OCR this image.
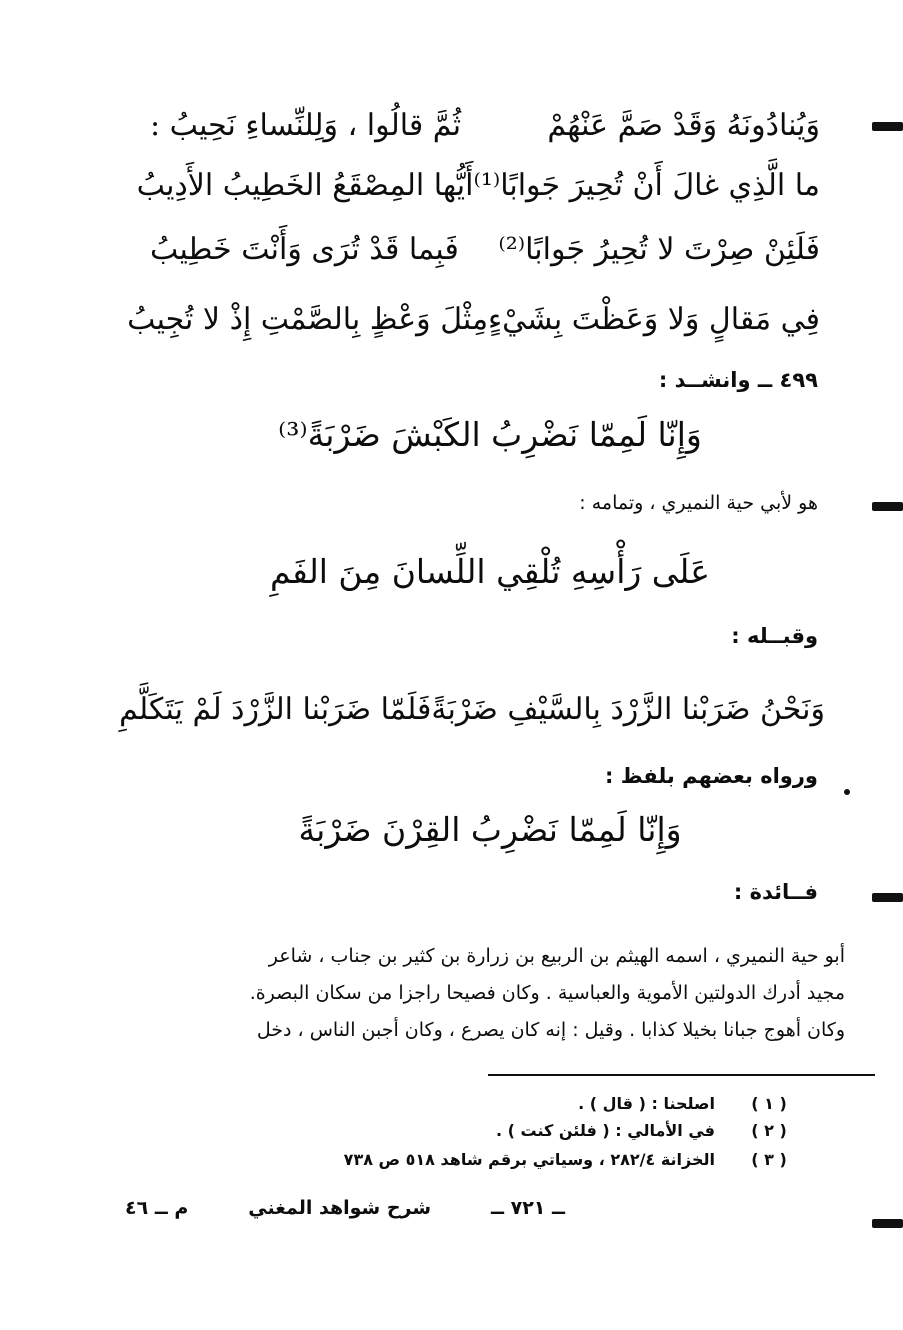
وَيُنادُونَهُ وَقَدْ صَمَّ عَنْهُمْ
ثُمَّ قالُوا ، وَلِلنِّساءِ نَحِيبُ :
ما الَّذِي غالَ أَنْ تُحِيرَ جَوابًا⁽¹⁾
أَيُّها المِصْقَعُ الخَطِيبُ الأَدِيبُ
فَلَئِنْ صِرْتَ لا تُحِيرُ جَوابًا⁽²⁾
فَبِما قَدْ تُرَى وَأَنْتَ خَطِيبُ
فِي مَقالٍ وَلا وَعَظْتَ بِشَيْءٍ
مِثْلَ وَعْظٍ بِالصَّمْتِ إِذْ لا تُجِيبُ
٤٩٩ ــ وانشــد :
وَإِنّا لَمِمّا نَضْرِبُ الكَبْشَ ضَرْبَةً⁽³⁾
هو لأبي حية النميري ، وتمامه :
عَلَى رَأْسِهِ تُلْقِي اللِّسانَ مِنَ الفَمِ
وقبــله :
وَنَحْنُ ضَرَبْنا الزَّرْدَ بِالسَّيْفِ ضَرْبَةً
فَلَمّا ضَرَبْنا الزَّرْدَ لَمْ يَتَكَلَّمِ
ورواه بعضهم بلفظ :
وَإِنّا لَمِمّا نَضْرِبُ القِرْنَ ضَرْبَةً
فــائدة :

أبو حية النميري ، اسمه الهيثم بن الربيع بن زرارة بن كثير بن جناب ، شاعر

مجيد أدرك الدولتين الأموية والعباسية . وكان فصيحا راجزا من سكان البصرة.

وكان أهوج جبانا بخيلا كذابا . وقيل : إنه كان يصرع ، وكان أجبن الناس ، دخل

( ١ )
اصلحنا : ( قال ) .
( ٢ )
في الأمالي : ( فلئن كنت ) .
( ٣ )
الخزانة ٢٨٢/٤ ، وسياتي برقم شاهد ٥١٨ ص ٧٣٨
ــ ٧٢١ ــ
شرح شواهد المغني
م ــ ٤٦
